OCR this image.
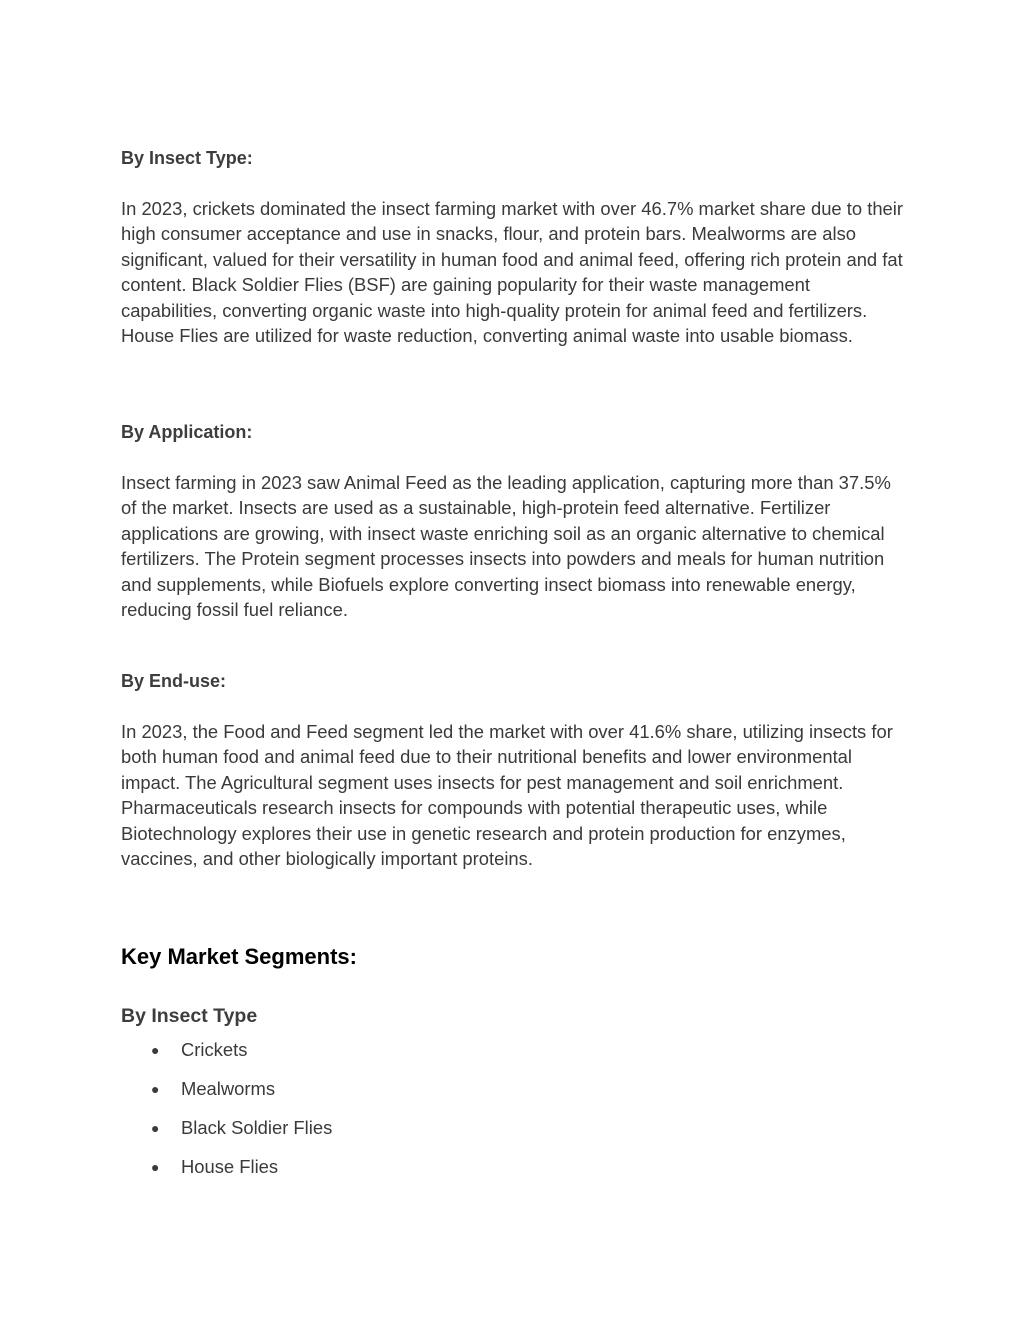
By Insect Type:

In 2023, crickets dominated the insect farming market with over 46.7% market share due to their high consumer acceptance and use in snacks, flour, and protein bars. Mealworms are also significant, valued for their versatility in human food and animal feed, offering rich protein and fat content. Black Soldier Flies (BSF) are gaining popularity for their waste management capabilities, converting organic waste into high-quality protein for animal feed and fertilizers. House Flies are utilized for waste reduction, converting animal waste into usable biomass.

By Application:

Insect farming in 2023 saw Animal Feed as the leading application, capturing more than 37.5% of the market. Insects are used as a sustainable, high-protein feed alternative. Fertilizer applications are growing, with insect waste enriching soil as an organic alternative to chemical fertilizers. The Protein segment processes insects into powders and meals for human nutrition and supplements, while Biofuels explore converting insect biomass into renewable energy, reducing fossil fuel reliance.

By End-use:

In 2023, the Food and Feed segment led the market with over 41.6% share, utilizing insects for both human food and animal feed due to their nutritional benefits and lower environmental impact. The Agricultural segment uses insects for pest management and soil enrichment. Pharmaceuticals research insects for compounds with potential therapeutic uses, while Biotechnology explores their use in genetic research and protein production for enzymes, vaccines, and other biologically important proteins.

Key Market Segments:
By Insect Type
● Crickets
● Mealworms
● Black Soldier Flies
● House Flies
